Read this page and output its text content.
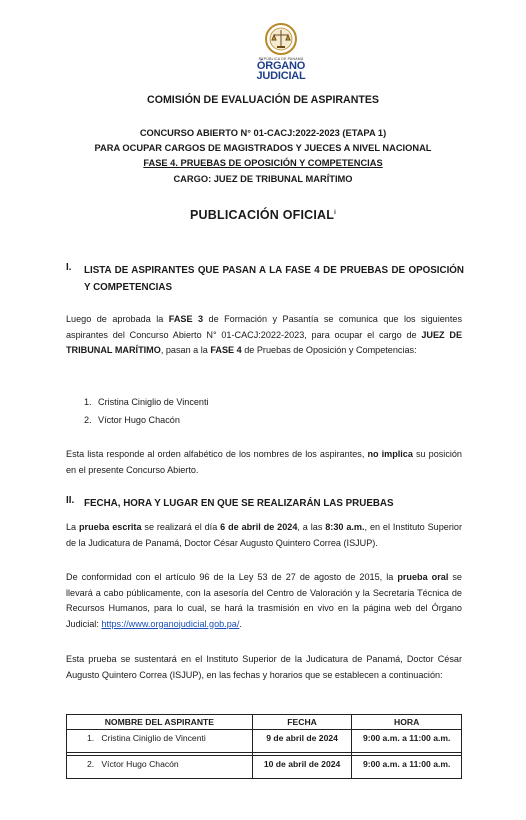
REPÚBLICA DE PANAMÁ
ÓRGANO
JUDICIAL
COMISIÓN DE EVALUACIÓN DE ASPIRANTES
CONCURSO ABIERTO N° 01-CACJ:2022-2023 (ETAPA 1)
PARA OCUPAR CARGOS DE MAGISTRADOS Y JUECES A NIVEL NACIONAL
FASE 4. PRUEBAS DE OPOSICIÓN Y COMPETENCIAS
CARGO: JUEZ DE TRIBUNAL MARÍTIMO
PUBLICACIÓN OFICIAL$^i$
I. LISTA DE ASPIRANTES QUE PASAN A LA FASE 4 DE PRUEBAS DE OPOSICIÓN Y COMPETENCIAS
Luego de aprobada la FASE 3 de Formación y Pasantía se comunica que los siguientes aspirantes del Concurso Abierto N° 01-CACJ:2022-2023, para ocupar el cargo de JUEZ DE TRIBUNAL MARÍTIMO, pasan a la FASE 4 de Pruebas de Oposición y Competencias:
1. Cristina Ciniglio de Vincenti
2. Víctor Hugo Chacón
Esta lista responde al orden alfabético de los nombres de los aspirantes, no implica su posición en el presente Concurso Abierto.
II. FECHA, HORA Y LUGAR EN QUE SE REALIZARÁN LAS PRUEBAS
La prueba escrita se realizará el día 6 de abril de 2024, a las 8:30 a.m., en el Instituto Superior de la Judicatura de Panamá, Doctor César Augusto Quintero Correa (ISJUP).
De conformidad con el artículo 96 de la Ley 53 de 27 de agosto de 2015, la prueba oral se llevará a cabo públicamente, con la asesoría del Centro de Valoración y la Secretaria Técnica de Recursos Humanos, para lo cual, se hará la trasmisión en vivo en la página web del Órgano Judicial: https://www.organojudicial.gob.pa/.
Esta prueba se sustentará en el Instituto Superior de la Judicatura de Panamá, Doctor César Augusto Quintero Correa (ISJUP), en las fechas y horarios que se establecen a continuación:
NOMBRE DEL ASPIRANTE	FECHA	HORA
1.   Cristina Ciniglio de Vincenti	9 de abril de 2024	9:00 a.m. a 11:00 a.m.

2.   Víctor Hugo Chacón	10 de abril de 2024	9:00 a.m. a 11:00 a.m.
